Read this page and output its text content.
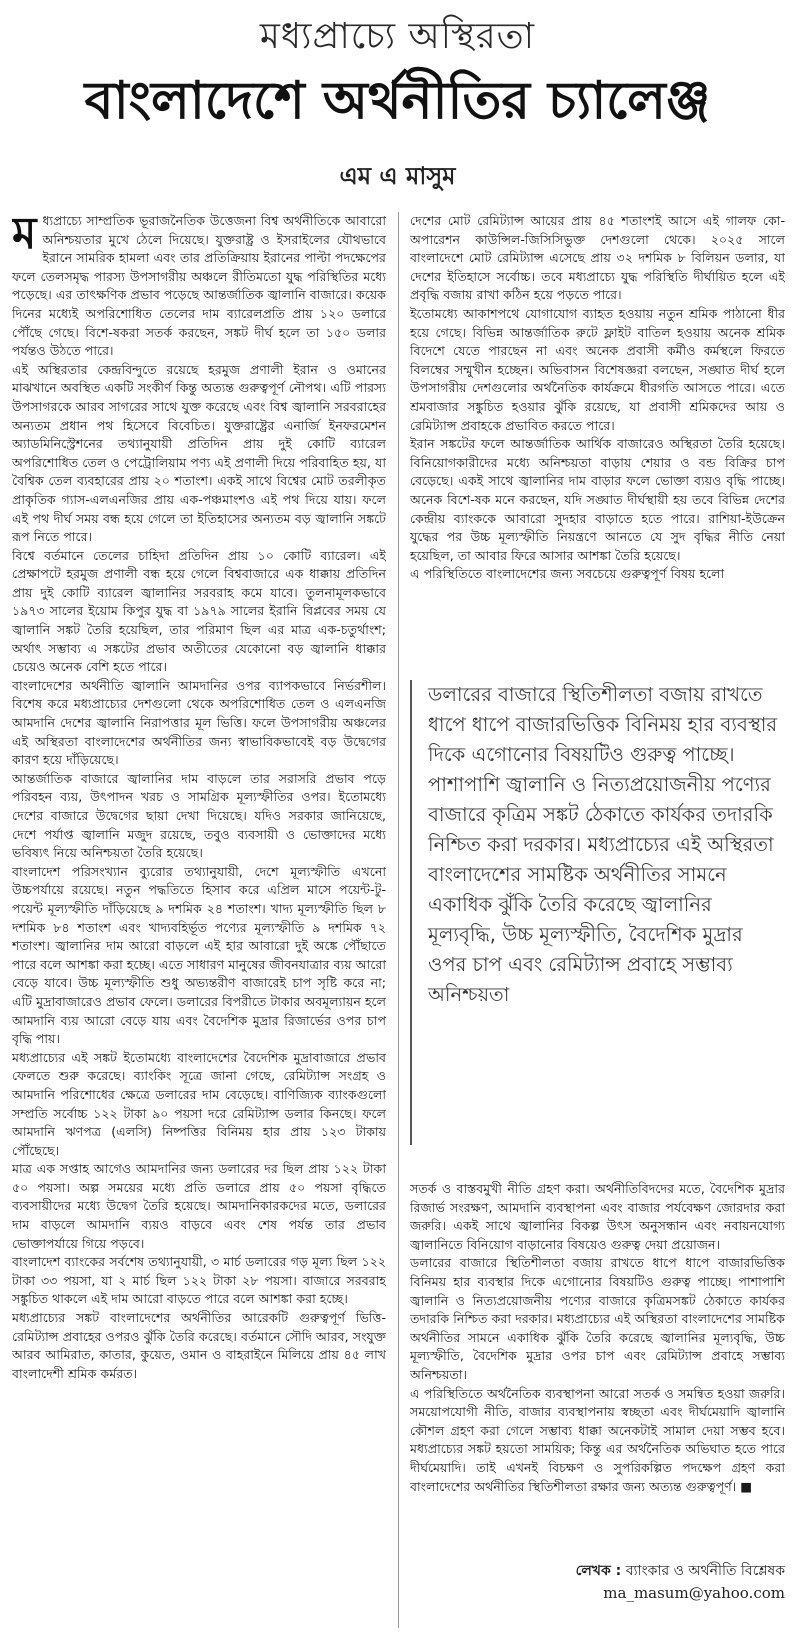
মধ্যপ্রাচ্যে অস্থিরতা
বাংলাদেশে অর্থনীতির চ্যালেঞ্জ
এম এ মাসুম

মধ্যপ্রাচ্যে সাম্প্রতিক ভূরাজনৈতিক উত্তেজনা বিশ্ব অর্থনীতিকে আবারো অনিশ্চয়তার মুখে ঠেলে দিয়েছে। যুক্তরাষ্ট্র ও ইসরাইলের যৌথভাবে ইরানে সামরিক হামলা এবং তার প্রতিক্রিয়ায় ইরানের পাল্টা পদক্ষেপের ফলে তেলসমৃদ্ধ পারস্য উপসাগরীয় অঞ্চলে রীতিমতো যুদ্ধ পরিস্থিতির মধ্যে পড়েছে। এর তাৎক্ষণিক প্রভাব পড়েছে আন্তর্জাতিক জ্বালানি বাজারে। কয়েক দিনের মধ্যেই অপরিশোধিত তেলের দাম ব্যারেলপ্রতি প্রায় ১২০ ডলারে পৌঁছে গেছে। বিশে-ষকরা সতর্ক করছেন, সঙ্কট দীর্ঘ হলে তা ১৫০ ডলার পর্যন্তও উঠতে পারে।

এই অস্থিরতার কেন্দ্রবিন্দুতে রয়েছে হরমুজ প্রণালী ইরান ও ওমানের মাঝখানে অবস্থিত একটি সংকীর্ণ কিন্তু অত্যন্ত গুরুত্বপূর্ণ নৌপথ। এটি পারস্য উপসাগরকে আরব সাগরের সাথে যুক্ত করেছে এবং বিশ্ব জ্বালানি সরবরাহের অন্যতম প্রধান পথ হিসেবে বিবেচিত। যুক্তরাষ্ট্রের এনার্জি ইনফরমেশন অ্যাডমিনিস্ট্রেশনের তথ্যানুযায়ী প্রতিদিন প্রায় দুই কোটি ব্যারেল অপরিশোধিত তেল ও পেট্রোলিয়াম পণ্য এই প্রণালী দিয়ে পরিবাহিত হয়, যা বৈশ্বিক তেল ব্যবহারের প্রায় ২০ শতাংশ। একই সাথে বিশ্বের মোট তরলীকৃত প্রাকৃতিক গ্যাস-এলএনজির প্রায় এক-পঞ্চমাংশও এই পথ দিয়ে যায়। ফলে এই পথ দীর্ঘ সময় বন্ধ হয়ে গেলে তা ইতিহাসের অন্যতম বড় জ্বালানি সঙ্কটে রূপ নিতে পারে।

বিশ্বে বর্তমানে তেলের চাহিদা প্রতিদিন প্রায় ১০ কোটি ব্যারেল। এই প্রেক্ষাপটে হরমুজ প্রণালী বন্ধ হয়ে গেলে বিশ্ববাজারে এক ধাক্কায় প্রতিদিন প্রায় দুই কোটি ব্যারেল জ্বালানির সরবরাহ কমে যাবে। তুলনামূলকভাবে ১৯৭৩ সালের ইয়োম কিপুর যুদ্ধ বা ১৯৭৯ সালের ইরানি বিপ্লবের সময় যে জ্বালানি সঙ্কট তৈরি হয়েছিল, তার পরিমাণ ছিল এর মাত্র এক-চতুর্থাংশ; অর্থাৎ সম্ভাব্য এ সঙ্কটের প্রভাব অতীতের যেকোনো বড় জ্বালানি ধাক্কার চেয়েও অনেক বেশি হতে পারে।

বাংলাদেশের অর্থনীতি জ্বালানি আমদানির ওপর ব্যাপকভাবে নির্ভরশীল। বিশেষ করে মধ্যপ্রাচ্যের দেশগুলো থেকে অপরিশোধিত তেল ও এলএনজি আমদানি দেশের জ্বালানি নিরাপত্তার মূল ভিত্তি। ফলে উপসাগরীয় অঞ্চলের এই অস্থিরতা বাংলাদেশের অর্থনীতির জন্য স্বাভাবিকভাবেই বড় উদ্বেগের কারণ হয়ে দাঁড়িয়েছে।

আন্তর্জাতিক বাজারে জ্বালানির দাম বাড়লে তার সরাসরি প্রভাব পড়ে পরিবহন ব্যয়, উৎপাদন খরচ ও সামগ্রিক মূল্যস্ফীতির ওপর। ইতোমধ্যে দেশের বাজারে উদ্বেগের ছায়া দেখা দিয়েছে। যদিও সরকার জানিয়েছে, দেশে পর্যাপ্ত জ্বালানি মজুদ রয়েছে, তবুও ব্যবসায়ী ও ভোক্তাদের মধ্যে ভবিষ্যৎ নিয়ে অনিশ্চয়তা তৈরি হয়েছে।

বাংলাদেশ পরিসংখ্যান ব্যুরোর তথ্যানুযায়ী, দেশে মূল্যস্ফীতি এখনো উচ্চপর্যায়ে রয়েছে। নতুন পদ্ধতিতে হিসাব করে এপ্রিল মাসে পয়েন্ট-টু-পয়েন্ট মূল্যস্ফীতি দাঁড়িয়েছে ৯ দশমিক ২৪ শতাংশ। খাদ্য মূল্যস্ফীতি ছিল ৮ দশমিক ৮৪ শতাংশ এবং খাদ্যবহির্ভূত পণ্যের মূল্যস্ফীতি ৯ দশমিক ৭২ শতাংশ। জ্বালানির দাম আরো বাড়লে এই হার আবারো দুই অঙ্কে পৌঁছাতে পারে বলে আশঙ্কা করা হচ্ছে। এতে সাধারণ মানুষের জীবনযাত্রার ব্যয় আরো বেড়ে যাবে। উচ্চ মূল্যস্ফীতি শুধু অভ্যন্তরীণ বাজারেই চাপ সৃষ্টি করে না; এটি মুদ্রাবাজারেও প্রভাব ফেলে। ডলারের বিপরীতে টাকার অবমূল্যায়ন হলে আমদানি ব্যয় আরো বেড়ে যায় এবং বৈদেশিক মুদ্রার রিজার্ভের ওপর চাপ বৃদ্ধি পায়।

মধ্যপ্রাচ্যের এই সঙ্কট ইতোমধ্যে বাংলাদেশের বৈদেশিক মুদ্রাবাজারে প্রভাব ফেলতে শুরু করেছে। ব্যাংকিং সূত্রে জানা গেছে, রেমিট্যান্স সংগ্রহ ও আমদানি পরিশোধের ক্ষেত্রে ডলারের দাম বেড়েছে। বাণিজ্যিক ব্যাংকগুলো সম্প্রতি সর্বোচ্চ ১২২ টাকা ৯০ পয়সা দরে রেমিট্যান্স ডলার কিনছে। ফলে আমদানি ঋণপত্র (এলসি) নিষ্পত্তির বিনিময় হার প্রায় ১২৩ টাকায় পৌঁছেছে।

মাত্র এক সপ্তাহ আগেও আমদানির জন্য ডলারের দর ছিল প্রায় ১২২ টাকা ৫০ পয়সা। অল্প সময়ের মধ্যে প্রতি ডলারে প্রায় ৫০ পয়সা বৃদ্ধিতে ব্যবসায়ীদের মধ্যে উদ্বেগ তৈরি হয়েছে। আমদানিকারকদের মতে, ডলারের দাম বাড়লে আমদানি ব্যয়ও বাড়বে এবং শেষ পর্যন্ত তার প্রভাব ভোক্তাপর্যায়ে গিয়ে পড়বে।

বাংলাদেশ ব্যাংকের সর্বশেষ তথ্যানুযায়ী, ৩ মার্চ ডলারের গড় মূল্য ছিল ১২২ টাকা ৩৩ পয়সা, যা ২ মার্চ ছিল ১২২ টাকা ২৮ পয়সা। বাজারে সরবরাহ সঙ্কুচিত থাকলে এই দাম আরো বাড়তে পারে বলে আশঙ্কা করা হচ্ছে।

মধ্যপ্রাচ্যের সঙ্কট বাংলাদেশের অর্থনীতির আরেকটি গুরুত্বপূর্ণ ভিত্তি- রেমিট্যান্স প্রবাহের ওপরও ঝুঁকি তৈরি করেছে। বর্তমানে সৌদি আরব, সংযুক্ত আরব আমিরাত, কাতার, কুয়েত, ওমান ও বাহরাইনে মিলিয়ে প্রায় ৪৫ লাখ বাংলাদেশী শ্রমিক কর্মরত।

দেশের মোট রেমিট্যান্স আয়ের প্রায় ৪৫ শতাংশই আসে এই গালফ কো-অপারেশন কাউন্সিল-জিসিসিভুক্ত দেশগুলো থেকে। ২০২৫ সালে বাংলাদেশে মোট রেমিট্যান্স এসেছে প্রায় ৩২ দশমিক ৮ বিলিয়ন ডলার, যা দেশের ইতিহাসে সর্বোচ্চ। তবে মধ্যপ্রাচ্যে যুদ্ধ পরিস্থিতি দীর্ঘায়িত হলে এই প্রবৃদ্ধি বজায় রাখা কঠিন হয়ে পড়তে পারে।

ইতোমধ্যে আকাশপথে যোগাযোগ ব্যাহত হওয়ায় নতুন শ্রমিক পাঠানো ধীর হয়ে গেছে। বিভিন্ন আন্তর্জাতিক রুটে ফ্লাইট বাতিল হওয়ায় অনেক শ্রমিক বিদেশে যেতে পারছেন না এবং অনেক প্রবাসী কর্মীও কর্মস্থলে ফিরতে বিলম্বের সম্মুখীন হচ্ছেন। অভিবাসন বিশেষজ্ঞরা বলছেন, সঙ্ঘাত দীর্ঘ হলে উপসাগরীয় দেশগুলোর অর্থনৈতিক কার্যক্রমে ধীরগতি আসতে পারে। এতে শ্রমবাজার সঙ্কুচিত হওয়ার ঝুঁকি রয়েছে, যা প্রবাসী শ্রমিকদের আয় ও রেমিট্যান্স প্রবাহকে প্রভাবিত করতে পারে।

ইরান সঙ্কটের ফলে আন্তর্জাতিক আর্থিক বাজারেও অস্থিরতা তৈরি হয়েছে। বিনিয়োগকারীদের মধ্যে অনিশ্চয়তা বাড়ায় শেয়ার ও বন্ড বিক্রির চাপ বেড়েছে। একই সাথে জ্বালানির দাম বাড়ার ফলে ভোক্তা ব্যয়ও বৃদ্ধি পাচ্ছে। অনেক বিশে-ষক মনে করছেন, যদি সঙ্ঘাত দীর্ঘস্থায়ী হয় তবে বিভিন্ন দেশের কেন্দ্রীয় ব্যাংককে আবারো সুদহার বাড়াতে হতে পারে। রাশিয়া-ইউক্রেন যুদ্ধের পর উচ্চ মূল্যস্ফীতি নিয়ন্ত্রণে আনতে যে সুদ বৃদ্ধির নীতি নেয়া হয়েছিল, তা আবার ফিরে আসার আশঙ্কা তৈরি হয়েছে।

এ পরিস্থিতিতে বাংলাদেশের জন্য সবচেয়ে গুরুত্বপূর্ণ বিষয় হলো

ডলারের বাজারে স্থিতিশীলতা বজায় রাখতে ধাপে ধাপে বাজারভিত্তিক বিনিময় হার ব্যবস্থার দিকে এগোনোর বিষয়টিও গুরুত্ব পাচ্ছে। পাশাপাশি জ্বালানি ও নিত্যপ্রয়োজনীয় পণ্যের বাজারে কৃত্রিম সঙ্কট ঠেকাতে কার্যকর তদারকি নিশ্চিত করা দরকার। মধ্যপ্রাচ্যের এই অস্থিরতা বাংলাদেশের সামষ্টিক অর্থনীতির সামনে একাধিক ঝুঁকি তৈরি করেছে জ্বালানির মূল্যবৃদ্ধি, উচ্চ মূল্যস্ফীতি, বৈদেশিক মুদ্রার ওপর চাপ এবং রেমিট্যান্স প্রবাহে সম্ভাব্য অনিশ্চয়তা

সতর্ক ও বাস্তবমুখী নীতি গ্রহণ করা। অর্থনীতিবিদদের মতে, বৈদেশিক মুদ্রার রিজার্ভ সংরক্ষণ, আমদানি ব্যবস্থাপনা এবং বাজার পর্যবেক্ষণ জোরদার করা জরুরি। একই সাথে জ্বালানির বিকল্প উৎস অনুসন্ধান এবং নবায়নযোগ্য জ্বালানিতে বিনিয়োগ বাড়ানোর বিষয়েও গুরুত্ব দেয়া প্রয়োজন।

ডলারের বাজারে স্থিতিশীলতা বজায় রাখতে ধাপে ধাপে বাজারভিত্তিক বিনিময় হার ব্যবস্থার দিকে এগোনোর বিষয়টিও গুরুত্ব পাচ্ছে। পাশাপাশি জ্বালানি ও নিত্যপ্রয়োজনীয় পণ্যের বাজারে কৃত্রিমসঙ্কট ঠেকাতে কার্যকর তদারকি নিশ্চিত করা দরকার। মধ্যপ্রাচ্যের এই অস্থিরতা বাংলাদেশের সামষ্টিক অর্থনীতির সামনে একাধিক ঝুঁকি তৈরি করেছে জ্বালানির মূল্যবৃদ্ধি, উচ্চ মূল্যস্ফীতি, বৈদেশিক মুদ্রার ওপর চাপ এবং রেমিট্যান্স প্রবাহে সম্ভাব্য অনিশ্চয়তা।

এ পরিস্থিতিতে অর্থনৈতিক ব্যবস্থাপনা আরো সতর্ক ও সমন্বিত হওয়া জরুরি। সময়োপযোগী নীতি, বাজার ব্যবস্থাপনায় স্বচ্ছতা এবং দীর্ঘমেয়াদি জ্বালানি কৌশল গ্রহণ করা গেলে সম্ভাব্য ধাক্কা অনেকটাই সামাল দেয়া সম্ভব হবে। মধ্যপ্রাচ্যের সঙ্কট হয়তো সাময়িক; কিন্তু এর অর্থনৈতিক অভিঘাত হতে পারে দীর্ঘমেয়াদি। তাই এখনই বিচক্ষণ ও সুপরিকল্পিত পদক্ষেপ গ্রহণ করা বাংলাদেশের অর্থনীতির স্থিতিশীলতা রক্ষার জন্য অত্যন্ত গুরুত্বপূর্ণ। ■

লেখক : ব্যাংকার ও অর্থনীতি বিশ্লেষক
ma_masum@yahoo.com
